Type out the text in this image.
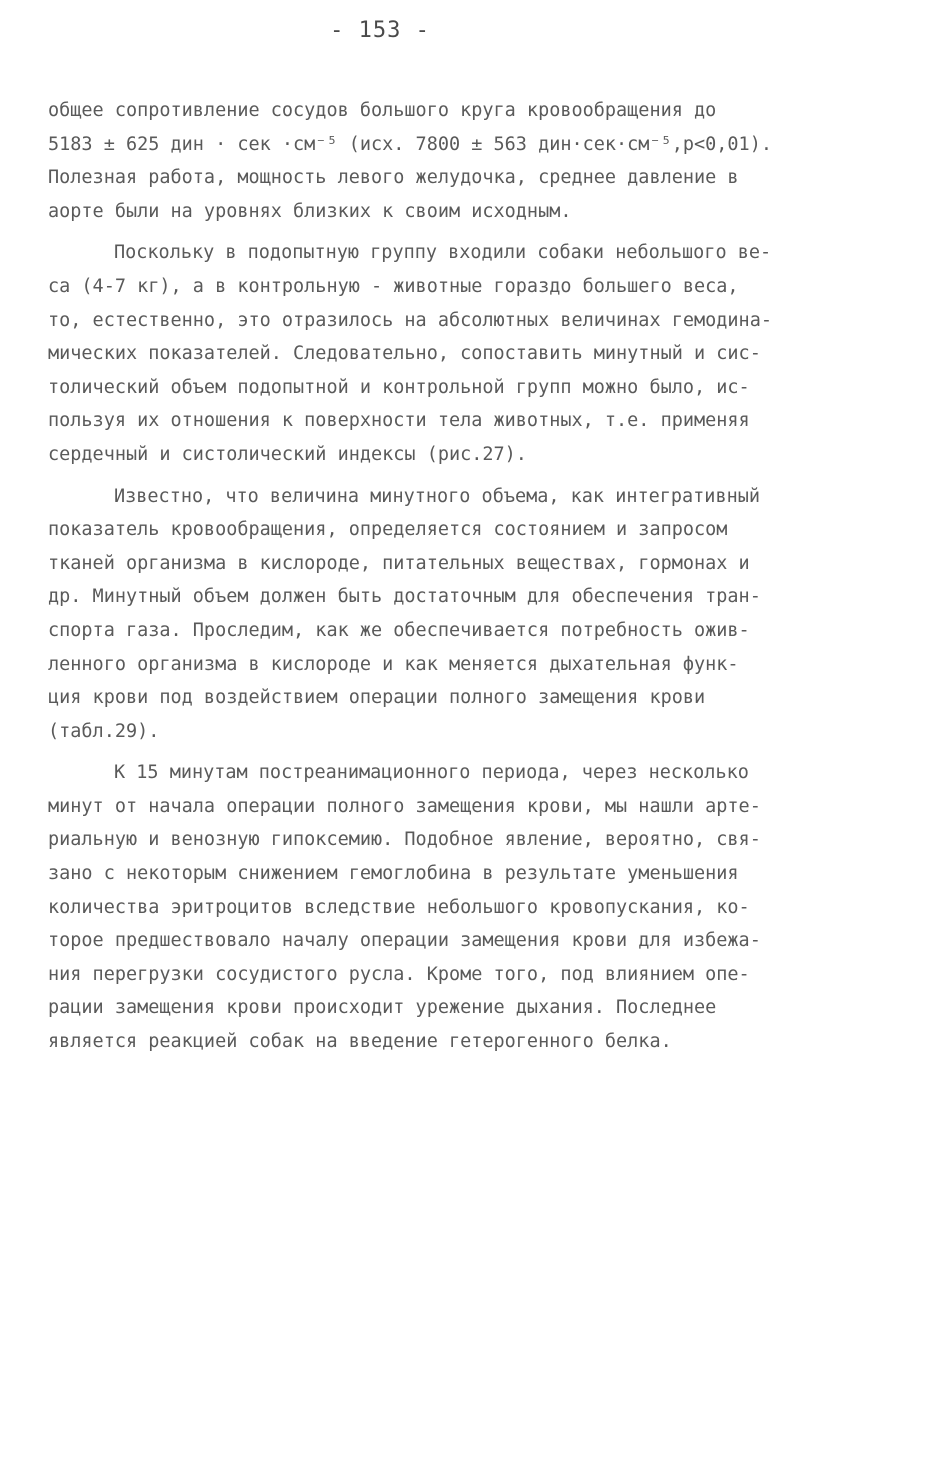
- 153 -
общее сопротивление сосудов большого круга кровообращения до
5183 ± 625 дин · сек ·см⁻⁵ (исх. 7800 ± 563 дин·сек·см⁻⁵,р<0,01).
Полезная работа, мощность левого желудочка, среднее давление в
аорте были на уровнях близких к своим исходным.
Поскольку в подопытную группу входили собаки небольшого ве-
са (4-7 кг), а в контрольную - животные гораздо большего веса,
то, естественно, это отразилось на абсолютных величинах гемодина-
мических показателей. Следовательно, сопоставить минутный и сис-
толический объем подопытной и контрольной групп можно было, ис-
пользуя их отношения к поверхности тела животных, т.е. применяя
сердечный и систолический индексы (рис.27).
Известно, что величина минутного объема, как интегративный
показатель кровообращения, определяется состоянием и запросом
тканей организма в кислороде, питательных веществах, гормонах и
др. Минутный объем должен быть достаточным для обеспечения тран-
спорта газа. Проследим, как же обеспечивается потребность ожив-
ленного организма в кислороде и как меняется дыхательная функ-
ция крови под воздействием операции полного замещения крови
(табл.29).
К 15 минутам постреанимационного периода, через несколько
минут от начала операции полного замещения крови, мы нашли арте-
риальную и венозную гипоксемию. Подобное явление, вероятно, свя-
зано с некоторым снижением гемоглобина в результате уменьшения
количества эритроцитов вследствие небольшого кровопускания, ко-
торое предшествовало началу операции замещения крови для избежа-
ния перегрузки сосудистого русла. Кроме того, под влиянием опе-
рации замещения крови происходит урежение дыхания. Последнее
является реакцией собак на введение гетерогенного белка.
